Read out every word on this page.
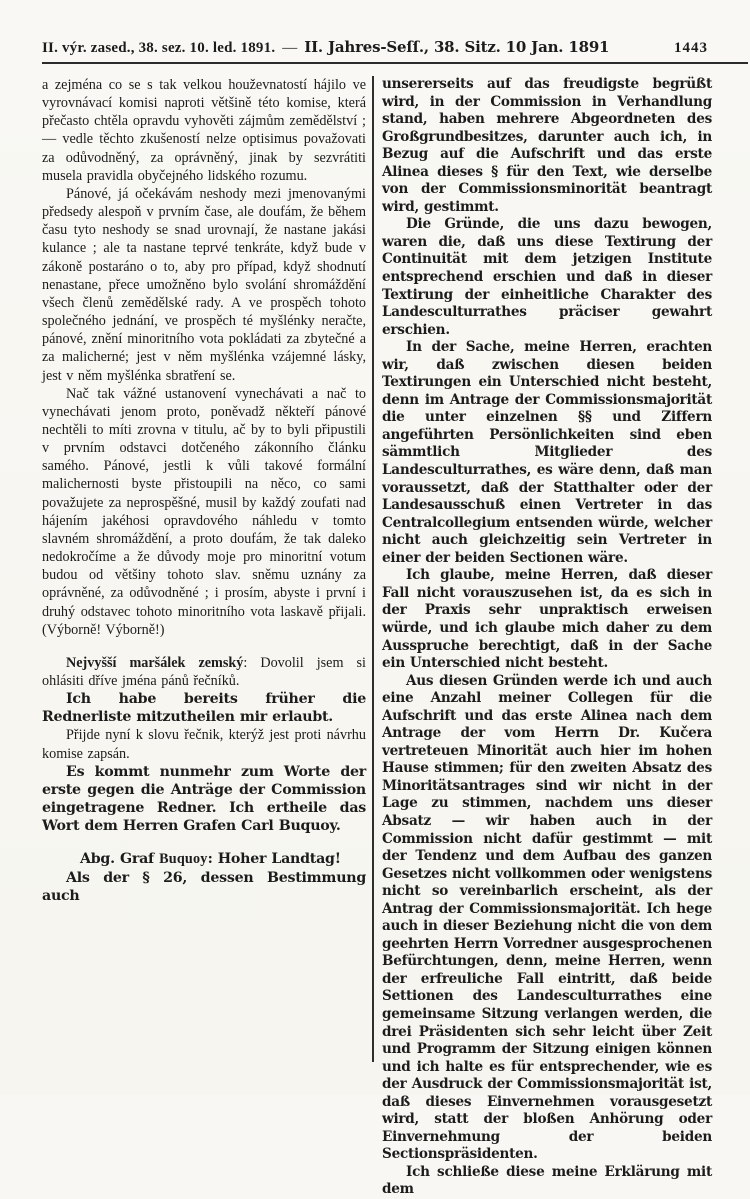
II. výr. zased., 38. sez. 10. led. 1891. — II. Jahres-Seſſ., 38. Sitz. 10 Jan. 1891	1443

a zejména co se s tak velkou houževnatostí hájilo ve vyrovnávací komisi naproti většině této komise, která přečasto chtěla opravdu vyhověti zájmům zemědělství ; — vedle těchto zkušeností nelze optisimus považovati za odůvodněný, za oprávněný, jinak by sezvrátiti musela pravidla obyčejného lidského rozumu.

Pánové, já očekávám neshody mezi jmenovanými předsedy alespoň v prvním čase, ale doufám, že během času tyto neshody se snad urovnají, že nastane jakási kulance ; ale ta nastane teprvé tenkráte, když bude v zákoně postaráno o to, aby pro případ, když shodnutí nenastane, přece umožněno bylo svolání shromáždění všech členů zemědělské rady. A ve prospěch tohoto společného jednání, ve prospěch té myšlénky neračte, pánové, znění minoritního vota pokládati za zbytečné a za malicherné; jest v něm myšlénka vzájemné lásky, jest v něm myšlénka sbratření se.

Nač tak vážné ustanovení vynechávati a nač to vynechávati jenom proto, poněvadž někteří pánové nechtěli to míti zrovna v titulu, ač by to byli připustili v prvním odstavci dotčeného zákonního článku samého. Pánové, jestli k vůli takové formální malichernosti byste přistoupili na něco, co sami považujete za neprospěšné, musil by každý zoufati nad hájením jakéhosi opravdového náhledu v tomto slavném shromáždění, a proto doufám, že tak daleko nedokročíme a že důvody moje pro minoritní votum budou od většiny tohoto slav. sněmu uznány za oprávněné, za odůvodněné ; i prosím, abyste i první i druhý odstavec tohoto minoritního vota laskavě přijali. (Výborně! Výborně!)

Nejvyšší maršálek zemský: Dovolil jsem si ohlásiti dříve jména pánů řečníků.

Ich habe bereits früher die Rednerliste mitzutheilen mir erlaubt.

Přijde nyní k slovu řečnik, kterýž jest proti návrhu komise zapsán.

Es kommt nunmehr zum Worte der erste gegen die Anträge der Commission eingetragene Redner. Ich ertheile das Wort dem Herren Grafen Carl Buquoy.

Abg. Graf Buquoy: Hoher Landtag!

Als der § 26, dessen Bestimmung auch

unsererseits auf das freudigste begrüßt wird, in der Commission in Verhandlung stand, haben mehrere Abgeordneten des Großgrundbesitzes, darunter auch ich, in Bezug auf die Aufschrift und das erste Alinea dieses § für den Text, wie derselbe von der Commissionsminorität beantragt wird, gestimmt.

Die Gründe, die uns dazu bewogen, waren die, daß uns diese Textirung der Continuität mit dem jetzigen Institute entsprechend erschien und daß in dieser Textirung der einheitliche Charakter des Landesculturrathes präciser gewahrt erschien.

In der Sache, meine Herren, erachten wir, daß zwischen diesen beiden Textirungen ein Unterschied nicht besteht, denn im Antrage der Commissionsmajorität die unter einzelnen §§ und Ziffern angeführten Persönlichkeiten sind eben sämmtlich Mitglieder des Landesculturrathes, es wäre denn, daß man voraussetzt, daß der Statthalter oder der Landesausschuß einen Vertreter in das Centralcollegium entsenden würde, welcher nicht auch gleichzeitig sein Vertreter in einer der beiden Sectionen wäre.

Ich glaube, meine Herren, daß dieser Fall nicht vorauszusehen ist, da es sich in der Praxis sehr unpraktisch erweisen würde, und ich glaube mich daher zu dem Ausspruche berechtigt, daß in der Sache ein Unterschied nicht besteht.

Aus diesen Gründen werde ich und auch eine Anzahl meiner Collegen für die Aufschrift und das erste Alinea nach dem Antrage der vom Herrn Dr. Kučera vertreteuen Minorität auch hier im hohen Hause stimmen; für den zweiten Absatz des Minoritätsantrages sind wir nicht in der Lage zu stimmen, nachdem uns dieser Absatz — wir haben auch in der Commission nicht dafür gestimmt — mit der Tendenz und dem Aufbau des ganzen Gesetzes nicht vollkommen oder wenigstens nicht so vereinbarlich erscheint, als der Antrag der Commissionsmajorität. Ich hege auch in dieser Beziehung nicht die von dem geehrten Herrn Vorredner ausgesprochenen Befürchtungen, denn, meine Herren, wenn der erfreuliche Fall eintritt, daß beide Settionen des Landesculturrathes eine gemeinsame Sitzung verlangen werden, die drei Präsidenten sich sehr leicht über Zeit und Programm der Sitzung einigen können und ich halte es für entsprechender, wie es der Ausdruck der Commissionsmajorität ist, daß dieses Einvernehmen vorausgesetzt wird, statt der bloßen Anhörung oder Einvernehmung der beiden Sectionspräsidenten.

Ich schließe diese meine Erklärung mit dem
